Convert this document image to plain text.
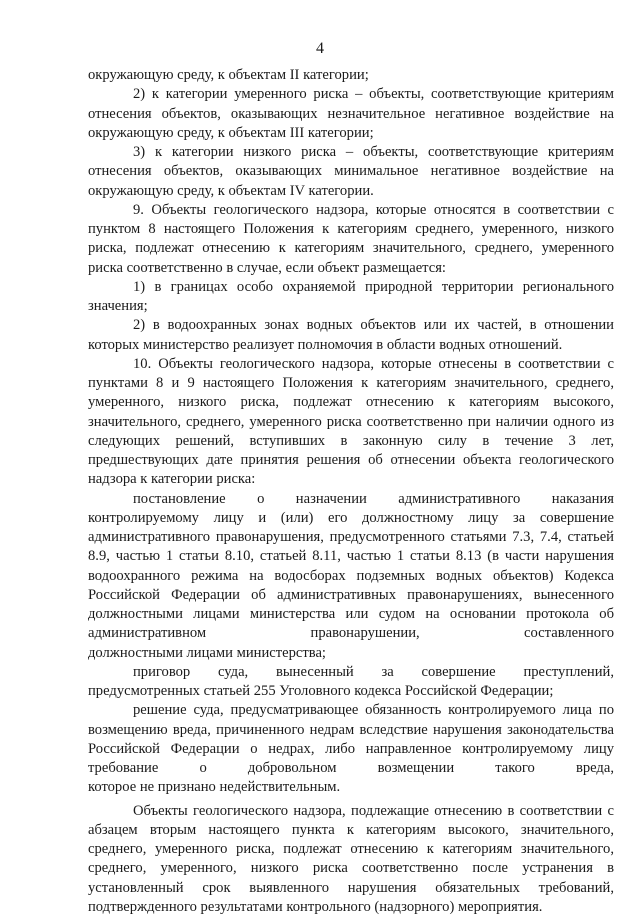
4

окружающую среду, к объектам II категории;

2) к категории умеренного риска – объекты, соответствующие критериям отнесения объектов, оказывающих незначительное негативное воздействие на

окружающую среду, к объектам III категории;

3) к категории низкого риска – объекты, соответствующие критериям отнесения объектов, оказывающих минимальное негативное воздействие на

окружающую среду, к объектам IV категории.

9. Объекты геологического надзора, которые относятся в соответствии с пунктом 8 настоящего Положения к категориям среднего, умеренного, низкого риска, подлежат отнесению к категориям значительного, среднего, умеренного

риска соответственно в случае, если объект размещается:

1) в границах особо охраняемой природной территории регионального

значения;

2) в водоохранных зонах водных объектов или их частей, в отношении

которых министерство реализует полномочия в области водных отношений.

10. Объекты геологического надзора, которые отнесены в соответствии с пунктами 8 и 9 настоящего Положения к категориям значительного, среднего, умеренного, низкого риска, подлежат отнесению к категориям высокого, значительного, среднего, умеренного риска соответственно при наличии одного из следующих решений, вступивших в законную силу в течение 3 лет, предшествующих дате принятия решения об отнесении объекта геологического

надзора к категории риска:

постановление о назначении административного наказания контролируемому лицу и (или) его должностному лицу за совершение административного правонарушения, предусмотренного статьями 7.3, 7.4, статьей 8.9, частью 1 статьи 8.10, статьей 8.11, частью 1 статьи 8.13 (в части нарушения водоохранного режима на водосборах подземных водных объектов) Кодекса Российской Федерации об административных правонарушениях, вынесенного должностными лицами министерства или судом на основании протокола об административном правонарушении, составленного

должностными лицами министерства;

приговор суда, вынесенный за совершение преступлений,

предусмотренных статьей 255 Уголовного кодекса Российской Федерации;

решение суда, предусматривающее обязанность контролируемого лица по возмещению вреда, причиненного недрам вследствие нарушения законодательства Российской Федерации о недрах, либо направленное контролируемому лицу требование о добровольном возмещении такого вреда,

которое не признано недействительным.

Объекты геологического надзора, подлежащие отнесению в соответствии с абзацем вторым настоящего пункта к категориям высокого, значительного, среднего, умеренного риска, подлежат отнесению к категориям значительного, среднего, умеренного, низкого риска соответственно после устранения в установленный срок выявленного нарушения обязательных требований,

подтвержденного результатами контрольного (надзорного) мероприятия.
